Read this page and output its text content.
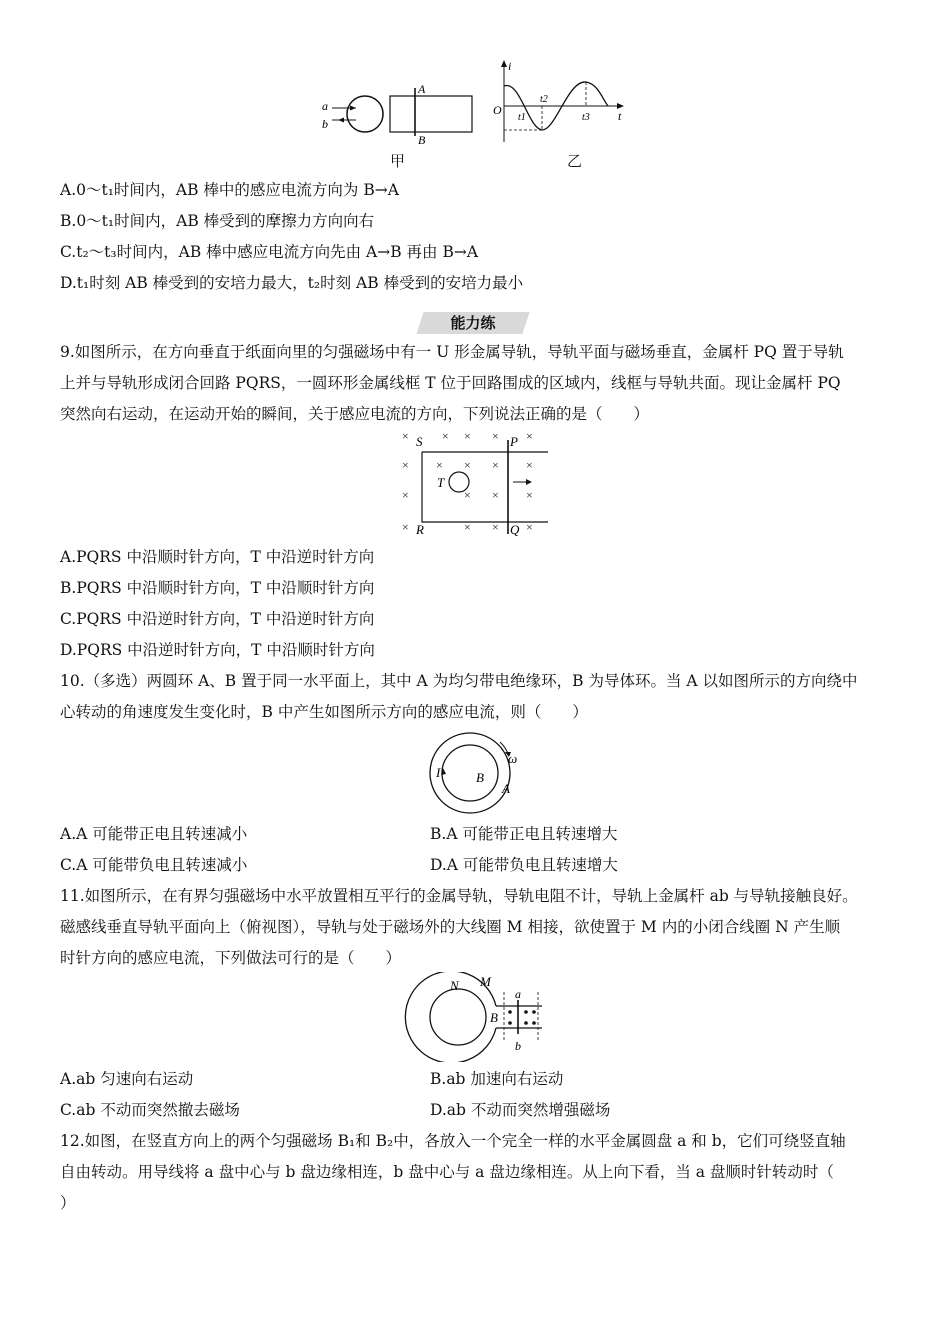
a
b
A
B
甲
i
O	t
t1
t2
t3
乙
A.0～t₁时间内，AB 棒中的感应电流方向为 B→A
B.0～t₁时间内，AB 棒受到的摩擦力方向向右
C.t₂～t₃时间内，AB 棒中感应电流方向先由 A→B 再由 B→A
D.t₁时刻 AB 棒受到的安培力最大，t₂时刻 AB 棒受到的安培力最小
能力练
9.如图所示，在方向垂直于纸面向里的匀强磁场中有一 U 形金属导轨，导轨平面与磁场垂直，金属杆 PQ 置于导轨
上并与导轨形成闭合回路 PQRS，一圆环形金属线框 T 位于回路围成的区域内，线框与导轨共面。现让金属杆 PQ
突然向右运动，在运动开始的瞬间，关于感应电流的方向，下列说法正确的是（　　）
×	× × × ×
× × × × ×
×	× × ×
×	× × ×
S	P
R	Q
T
A.PQRS 中沿顺时针方向，T 中沿逆时针方向
B.PQRS 中沿顺时针方向，T 中沿顺时针方向
C.PQRS 中沿逆时针方向，T 中沿逆时针方向
D.PQRS 中沿逆时针方向，T 中沿顺时针方向
10.（多选）两圆环 A、B 置于同一水平面上，其中 A 为均匀带电绝缘环，B 为导体环。当 A 以如图所示的方向绕中
心转动的角速度发生变化时，B 中产生如图所示方向的感应电流，则（　　）
I	B
A
ω
A.A 可能带正电且转速减小	B.A 可能带正电且转速增大
C.A 可能带负电且转速减小	D.A 可能带负电且转速增大
11.如图所示，在有界匀强磁场中水平放置相互平行的金属导轨，导轨电阻不计，导轨上金属杆 ab 与导轨接触良好。
磁感线垂直导轨平面向上（俯视图），导轨与处于磁场外的大线圈 M 相接，欲使置于 M 内的小闭合线圈 N 产生顺
时针方向的感应电流，下列做法可行的是（　　）
N M
B
a
b
A.ab 匀速向右运动	B.ab 加速向右运动
C.ab 不动而突然撤去磁场	D.ab 不动而突然增强磁场
12.如图，在竖直方向上的两个匀强磁场 B₁和 B₂中，各放入一个完全一样的水平金属圆盘 a 和 b，它们可绕竖直轴
自由转动。用导线将 a 盘中心与 b 盘边缘相连，b 盘中心与 a 盘边缘相连。从上向下看，当 a 盘顺时针转动时（
）
